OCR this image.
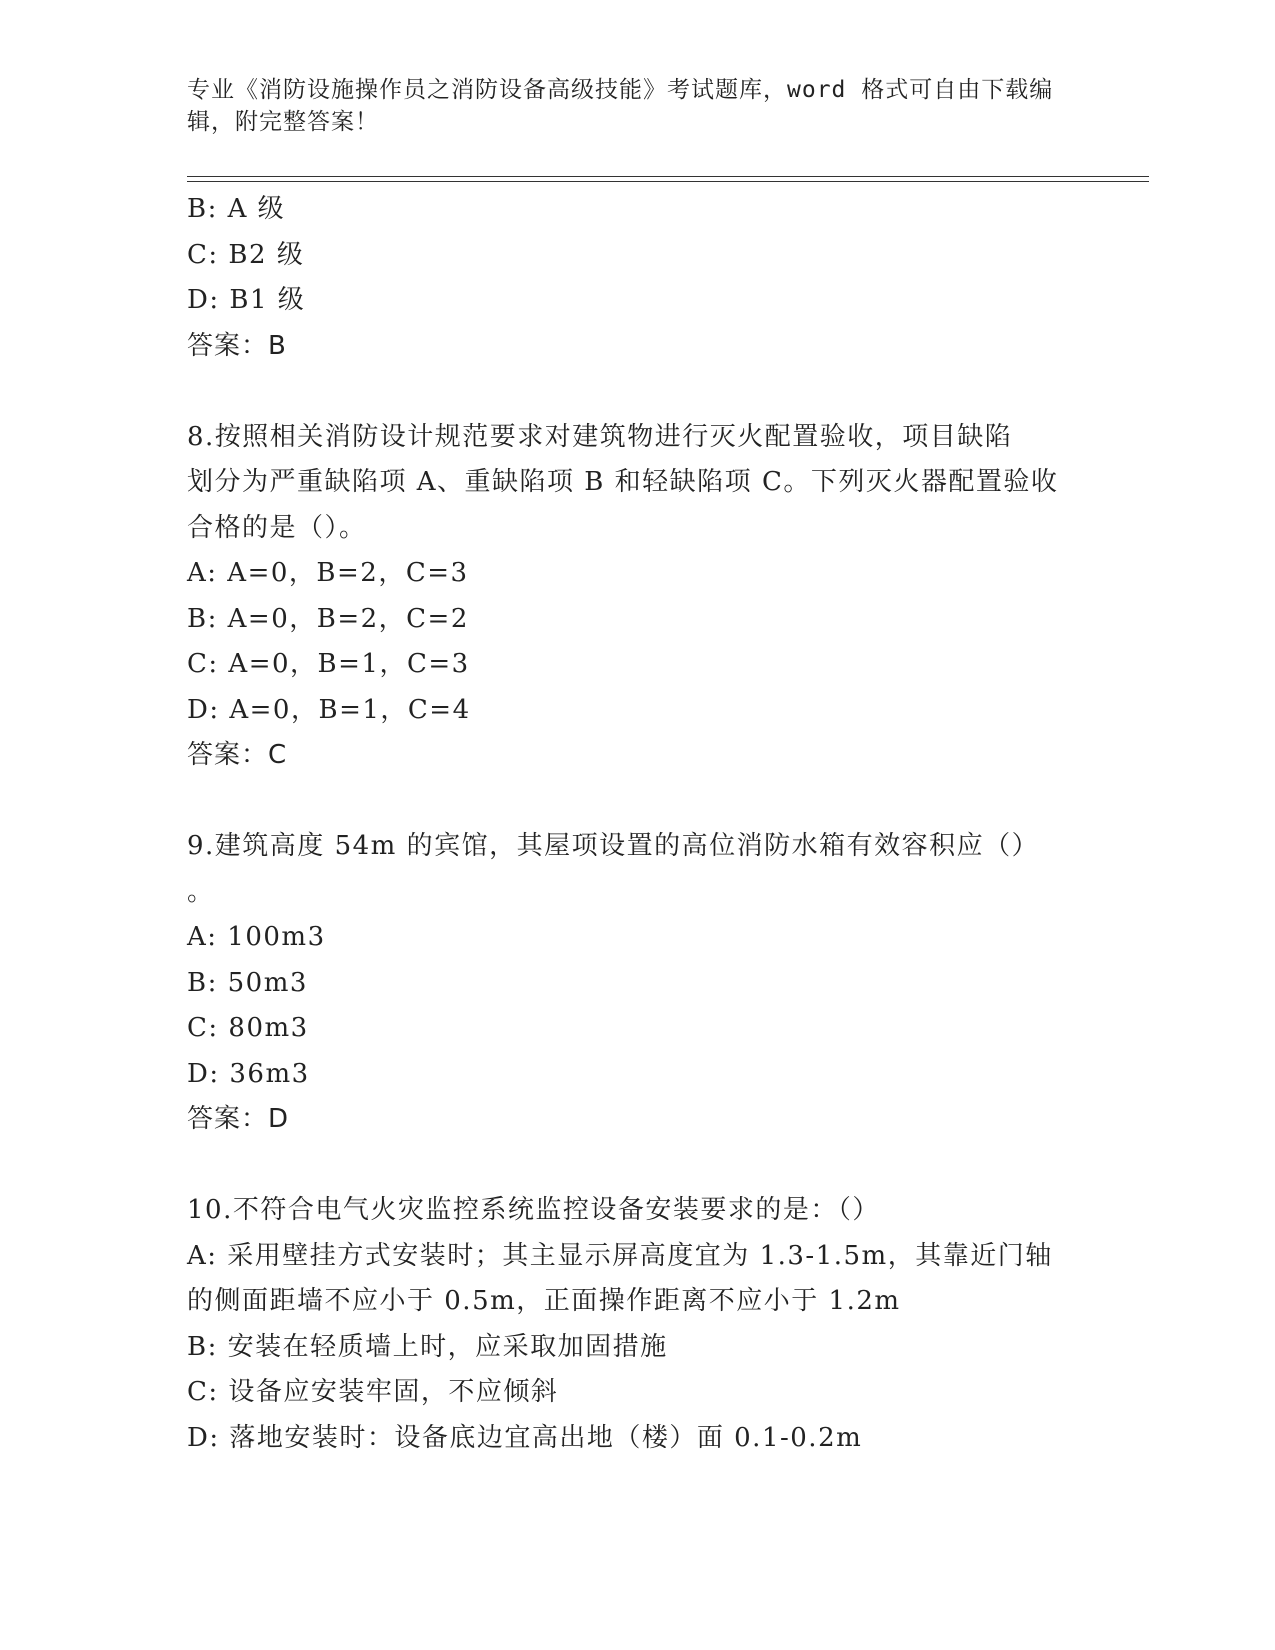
专业《消防设施操作员之消防设备高级技能》考试题库，word 格式可自由下载编
辑，附完整答案！
B: A 级
C: B2 级
D: B1 级
答案：B
8.按照相关消防设计规范要求对建筑物进行灭火配置验收，项目缺陷
划分为严重缺陷项 A、重缺陷项 B 和轻缺陷项 C。下列灭火器配置验收
合格的是（）。
A: A=0，B=2，C=3
B: A=0，B=2，C=2
C: A=0，B=1，C=3
D: A=0，B=1，C=4
答案：C
9.建筑高度 54m 的宾馆，其屋项设置的高位消防水箱有效容积应（）
。
A: 100m3
B: 50m3
C: 80m3
D: 36m3
答案：D
10.不符合电气火灾监控系统监控设备安装要求的是：（）
A: 采用壁挂方式安装时；其主显示屏高度宜为 1.3-1.5m，其靠近门轴
的侧面距墙不应小于 0.5m，正面操作距离不应小于 1.2m
B: 安装在轻质墙上时，应采取加固措施
C: 设备应安装牢固，不应倾斜
D: 落地安装时：设备底边宜高出地（楼）面 0.1-0.2m
